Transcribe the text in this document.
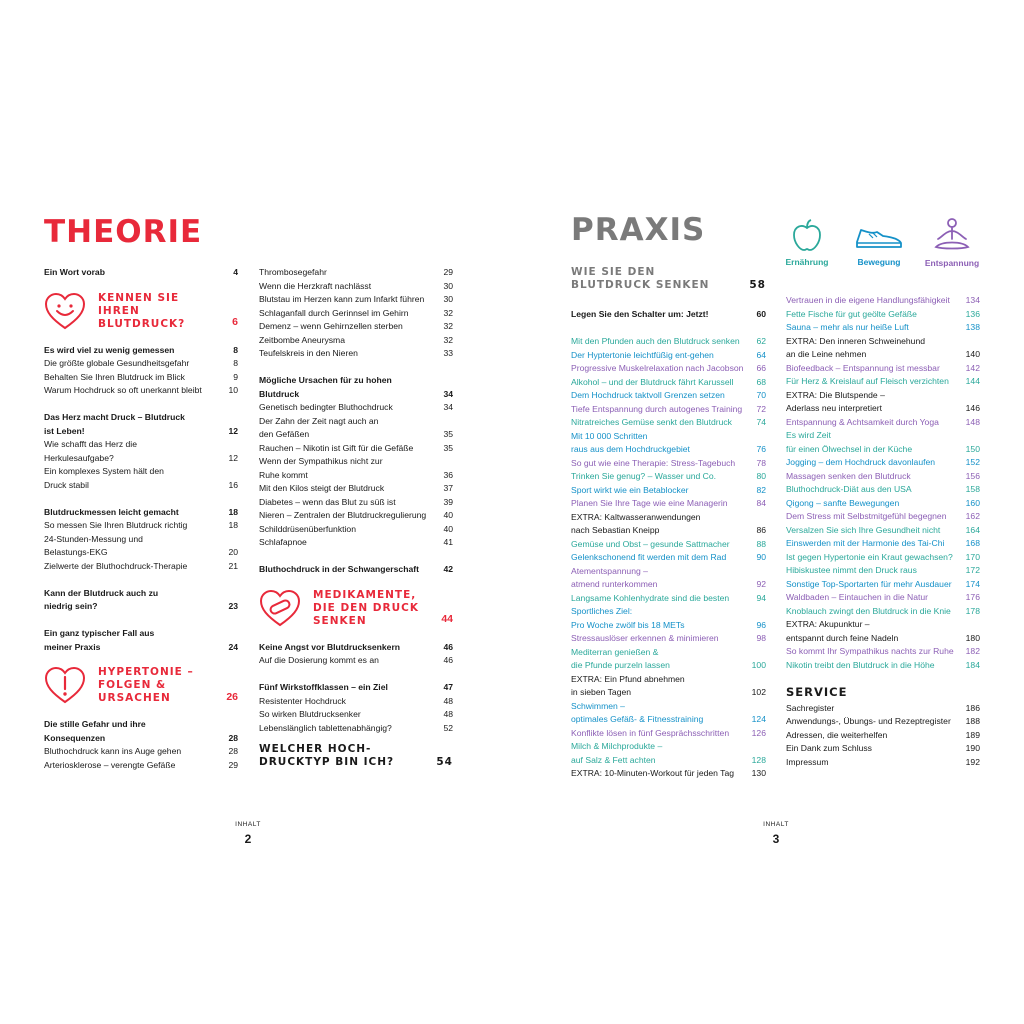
THEORIE
Ein Wort vorab	4
KENNEN SIE
IHREN
BLUTDRUCK?	6
Es wird viel zu wenig gemessen	8
Die größte globale Gesundheitsgefahr	8
Behalten Sie Ihren Blutdruck im Blick	9
Warum Hochdruck so oft unerkannt bleibt	10
Das Herz macht Druck – Blutdruck
ist Leben!	12
Wie schafft das Herz die
Herkulesaufgabe?	12
Ein komplexes System hält den
Druck stabil	16
Blutdruckmessen leicht gemacht	18
So messen Sie Ihren Blutdruck richtig	18
24-Stunden-Messung und
Belastungs-EKG	20
Zielwerte der Bluthochdruck-Therapie	21
Kann der Blutdruck auch zu
niedrig sein?	23
Ein ganz typischer Fall aus
meiner Praxis	24
HYPERTONIE –
FOLGEN &
URSACHEN	26
Die stille Gefahr und ihre
Konsequenzen	28
Bluthochdruck kann ins Auge gehen	28
Arteriosklerose – verengte Gefäße	29
Thrombosegefahr	29
Wenn die Herzkraft nachlässt	30
Blutstau im Herzen kann zum Infarkt führen	30
Schlaganfall durch Gerinnsel im Gehirn	32
Demenz – wenn Gehirnzellen sterben	32
Zeitbombe Aneurysma	32
Teufelskreis in den Nieren	33
Mögliche Ursachen für zu hohen
Blutdruck	34
Genetisch bedingter Bluthochdruck	34
Der Zahn der Zeit nagt auch an
den Gefäßen	35
Rauchen – Nikotin ist Gift für die Gefäße	35
Wenn der Sympathikus nicht zur
Ruhe kommt	36
Mit den Kilos steigt der Blutdruck	37
Diabetes – wenn das Blut zu süß ist	39
Nieren – Zentralen der Blutdruckregulierung	40
Schilddrüsenüberfunktion	40
Schlafapnoe	41
Bluthochdruck in der Schwangerschaft	42
MEDIKAMENTE,
DIE DEN DRUCK
SENKEN	44
Keine Angst vor Blutdrucksenkern	46
Auf die Dosierung kommt es an	46
Fünf Wirkstoffklassen – ein Ziel	47
Resistenter Hochdruck	48
So wirken Blutdrucksenker	48
Lebenslänglich tablettenabhängig?	52
WELCHER HOCH-
DRUCKTYP BIN ICH?	54
INHALT
2
PRAXIS
Ernährung	Bewegung	Entspannung
WIE SIE DEN
BLUTDRUCK SENKEN	58
Legen Sie den Schalter um: Jetzt!	60
Mit den Pfunden auch den Blutdruck senken	62
Der Hyptertonie leichtfüßig ent-gehen	64
Progressive Muskelrelaxation nach Jacobson	66
Alkohol – und der Blutdruck fährt Karussell	68
Dem Hochdruck taktvoll Grenzen setzen	70
Tiefe Entspannung durch autogenes Training	72
Nitratreiches Gemüse senkt den Blutdruck	74
Mit 10 000 Schritten
raus aus dem Hochdruckgebiet	76
So gut wie eine Therapie: Stress-Tagebuch	78
Trinken Sie genug? – Wasser und Co.	80
Sport wirkt wie ein Betablocker	82
Planen Sie Ihre Tage wie eine Managerin	84
EXTRA: Kaltwasseranwendungen
nach Sebastian Kneipp	86
Gemüse und Obst – gesunde Sattmacher	88
Gelenkschonend fit werden mit dem Rad	90
Atementspannung –
atmend runterkommen	92
Langsame Kohlenhydrate sind die besten	94
Sportliches Ziel:
Pro Woche zwölf bis 18 METs	96
Stressauslöser erkennen & minimieren	98
Mediterran genießen &
die Pfunde purzeln lassen	100
EXTRA: Ein Pfund abnehmen
in sieben Tagen	102
Schwimmen –
optimales Gefäß- & Fitnesstraining	124
Konflikte lösen in fünf Gesprächsschritten	126
Milch & Milchprodukte –
auf Salz & Fett achten	128
EXTRA: 10-Minuten-Workout für jeden Tag	130
Vertrauen in die eigene Handlungsfähigkeit	134
Fette Fische für gut geölte Gefäße	136
Sauna – mehr als nur heiße Luft	138
EXTRA: Den inneren Schweinehund
an die Leine nehmen	140
Biofeedback – Entspannung ist messbar	142
Für Herz & Kreislauf auf Fleisch verzichten	144
EXTRA: Die Blutspende –
Aderlass neu interpretiert	146
Entspannung & Achtsamkeit durch Yoga	148
Es wird Zeit
für einen Ölwechsel in der Küche	150
Jogging – dem Hochdruck davonlaufen	152
Massagen senken den Blutdruck	156
Bluthochdruck-Diät aus den USA	158
Qigong – sanfte Bewegungen	160
Dem Stress mit Selbstmitgefühl begegnen	162
Versalzen Sie sich Ihre Gesundheit nicht	164
Einswerden mit der Harmonie des Tai-Chi	168
Ist gegen Hypertonie ein Kraut gewachsen?	170
Hibiskustee nimmt den Druck raus	172
Sonstige Top-Sportarten für mehr Ausdauer	174
Waldbaden – Eintauchen in die Natur	176
Knoblauch zwingt den Blutdruck in die Knie	178
EXTRA: Akupunktur –
entspannt durch feine Nadeln	180
So kommt Ihr Sympathikus nachts zur Ruhe	182
Nikotin treibt den Blutdruck in die Höhe	184
SERVICE
Sachregister	186
Anwendungs-, Übungs- und Rezeptregister	188
Adressen, die weiterhelfen	189
Ein Dank zum Schluss	190
Impressum	192
INHALT
3
